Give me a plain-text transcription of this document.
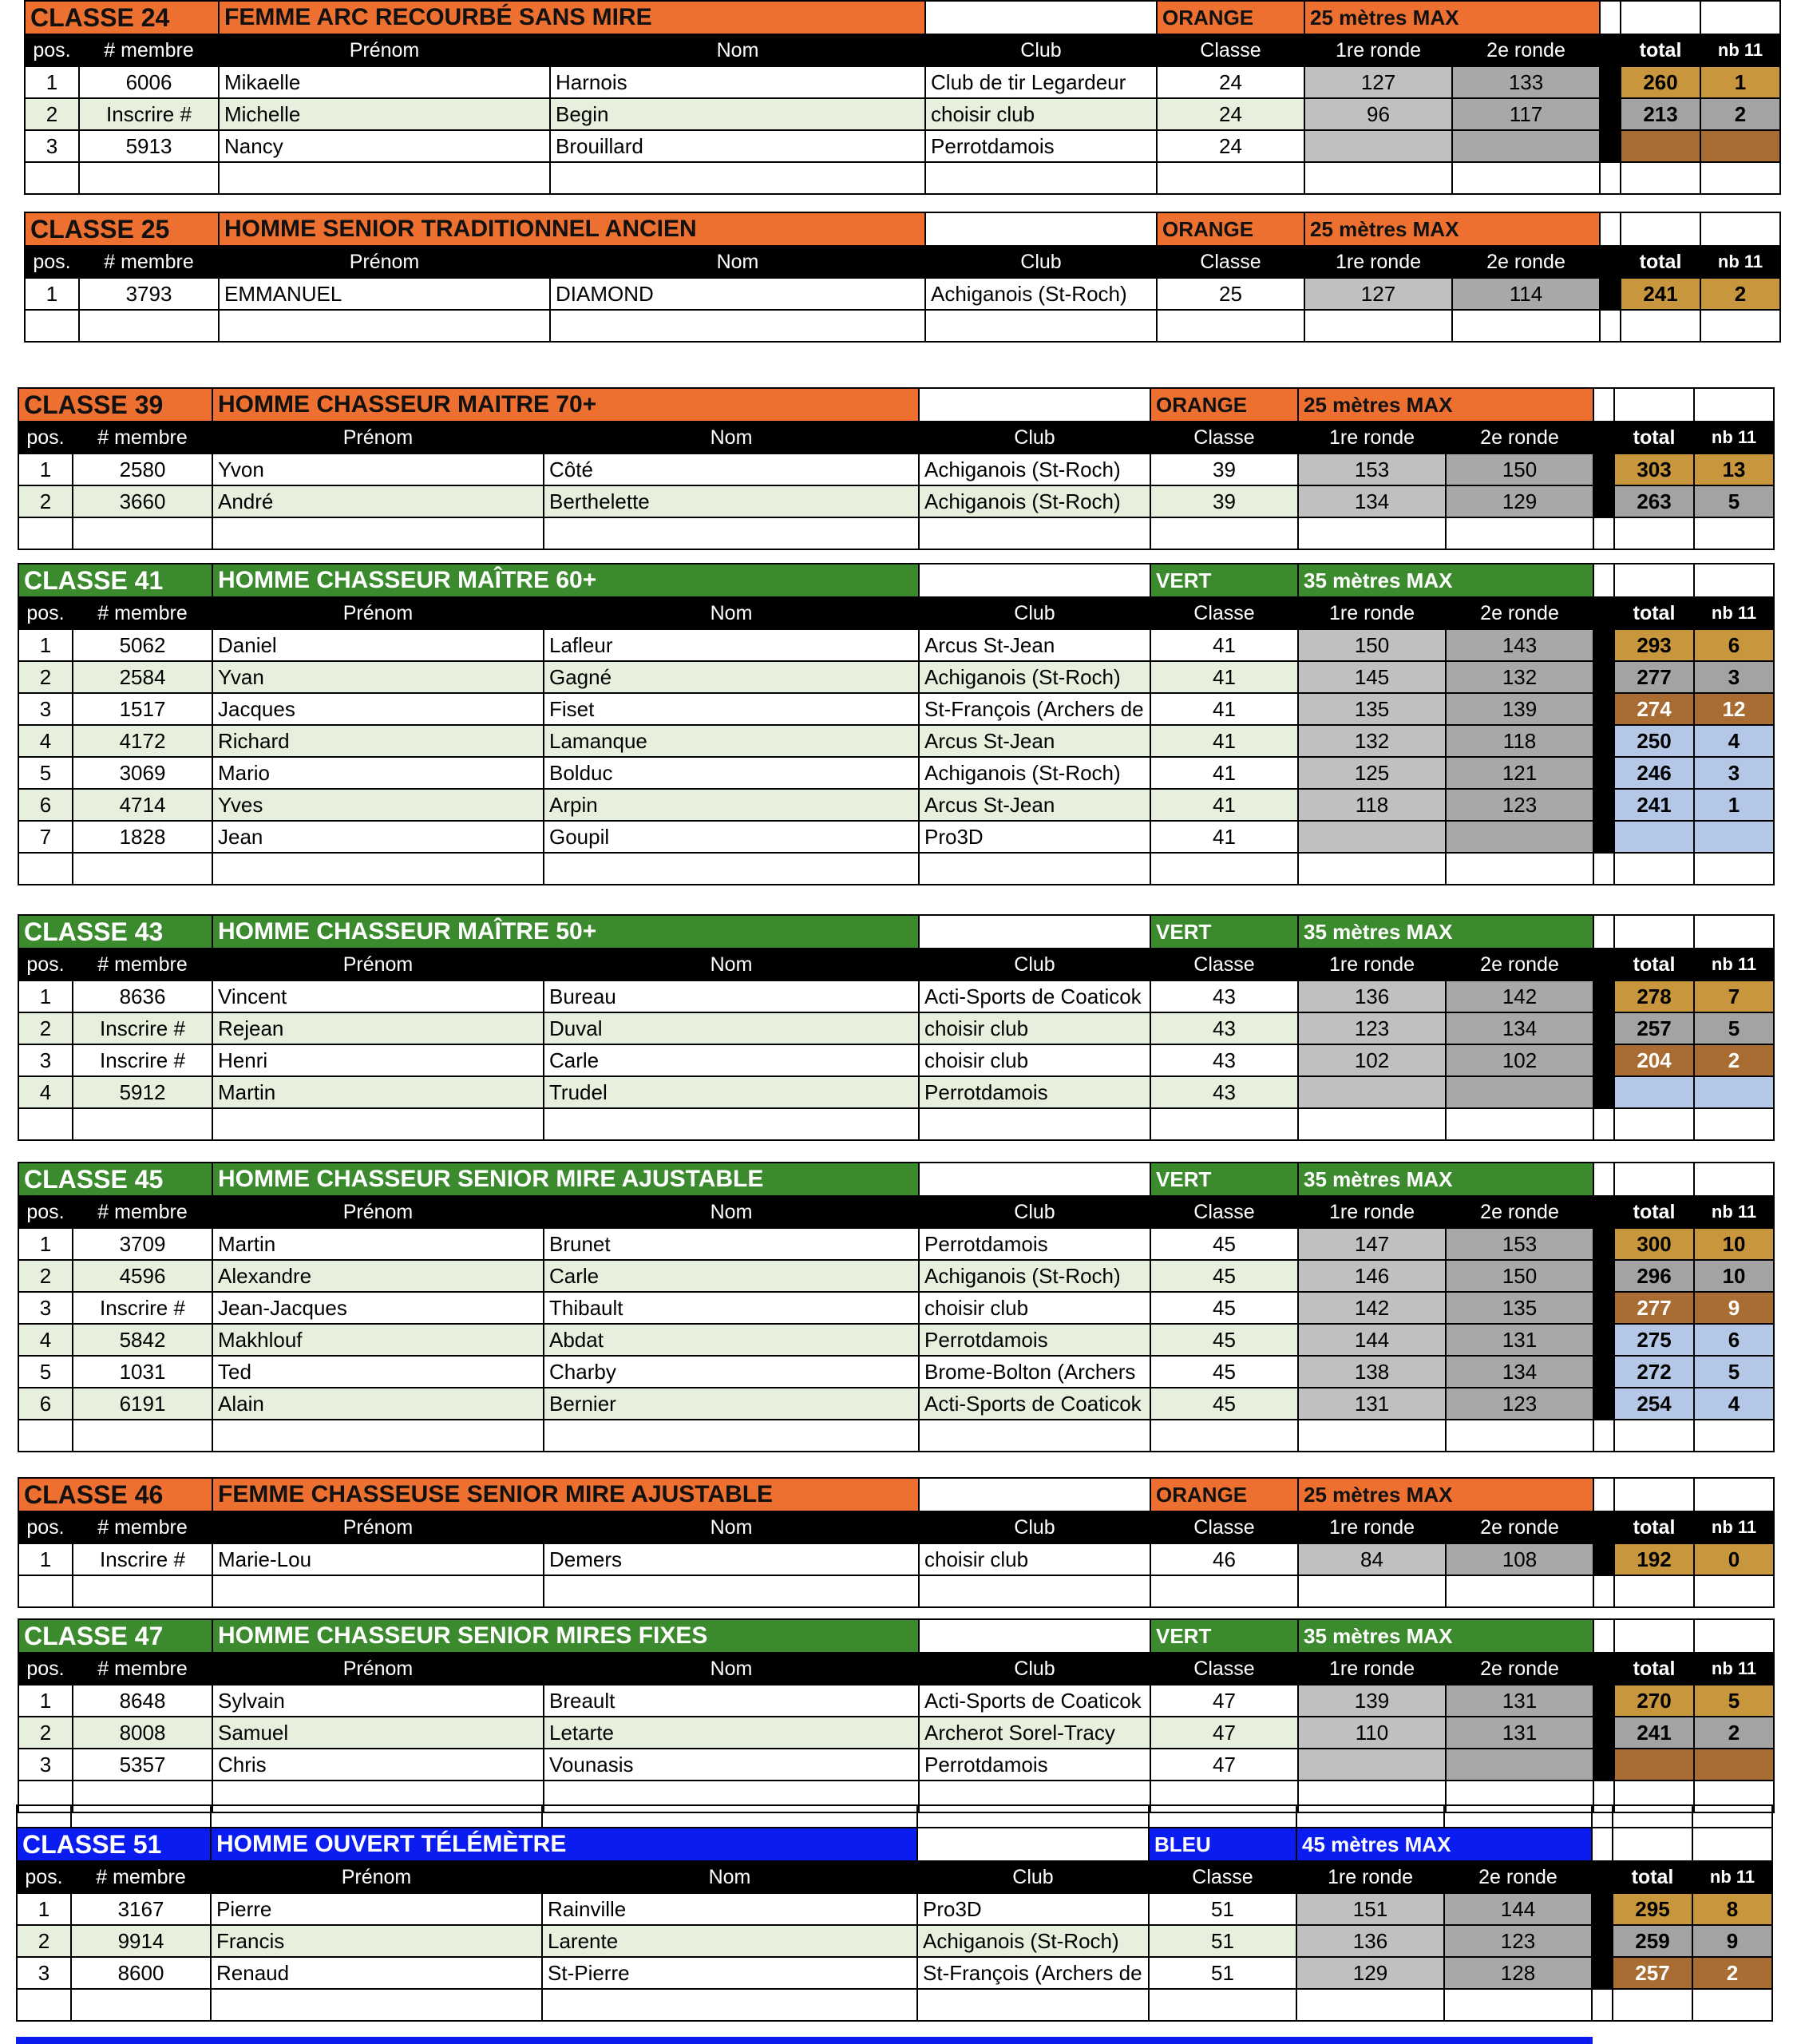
CLASSE 24		FEMME ARC RECOURBÉ SANS MIRE			ORANGE	25 mètres MAX				
pos.	# membre	Prénom	Nom	Club	Classe	1re ronde	2e ronde		total	nb 11
1	6006	Mikaelle	Harnois	Club de tir Legardeur	24	127	133		260	1
2	Inscrire #	Michelle	Begin	choisir club	24	96	117		213	2
3	5913	Nancy	Brouillard	Perrotdamois	24					

CLASSE 25		HOMME SENIOR TRADITIONNEL ANCIEN			ORANGE	25 mètres MAX				
pos.	# membre	Prénom	Nom	Club	Classe	1re ronde	2e ronde		total	nb 11
1	3793	EMMANUEL	DIAMOND	Achiganois (St-Roch)	25	127	114		241	2

CLASSE 39		HOMME CHASSEUR MAITRE 70+			ORANGE	25 mètres MAX				
pos.	# membre	Prénom	Nom	Club	Classe	1re ronde	2e ronde		total	nb 11
1	2580	Yvon	Côté	Achiganois (St-Roch)	39	153	150		303	13
2	3660	André	Berthelette	Achiganois (St-Roch)	39	134	129		263	5

CLASSE 41		HOMME CHASSEUR MAÎTRE 60+			VERT	35 mètres MAX				
pos.	# membre	Prénom	Nom	Club	Classe	1re ronde	2e ronde		total	nb 11
1	5062	Daniel	Lafleur	Arcus St-Jean	41	150	143		293	6
2	2584	Yvan	Gagné	Achiganois (St-Roch)	41	145	132		277	3
3	1517	Jacques	Fiset	St-François (Archers de	41	135	139		274	12
4	4172	Richard	Lamanque	Arcus St-Jean	41	132	118		250	4
5	3069	Mario	Bolduc	Achiganois (St-Roch)	41	125	121		246	3
6	4714	Yves	Arpin	Arcus St-Jean	41	118	123		241	1
7	1828	Jean	Goupil	Pro3D	41					

CLASSE 43		HOMME CHASSEUR MAÎTRE 50+			VERT	35 mètres MAX				
pos.	# membre	Prénom	Nom	Club	Classe	1re ronde	2e ronde		total	nb 11
1	8636	Vincent	Bureau	Acti-Sports de Coaticok	43	136	142		278	7
2	Inscrire #	Rejean	Duval	choisir club	43	123	134		257	5
3	Inscrire #	Henri	Carle	choisir club	43	102	102		204	2
4	5912	Martin	Trudel	Perrotdamois	43					

CLASSE 45		HOMME CHASSEUR SENIOR MIRE AJUSTABLE			VERT	35 mètres MAX				
pos.	# membre	Prénom	Nom	Club	Classe	1re ronde	2e ronde		total	nb 11
1	3709	Martin	Brunet	Perrotdamois	45	147	153		300	10
2	4596	Alexandre	Carle	Achiganois (St-Roch)	45	146	150		296	10
3	Inscrire #	Jean-Jacques	Thibault	choisir club	45	142	135		277	9
4	5842	Makhlouf	Abdat	Perrotdamois	45	144	131		275	6
5	1031	Ted	Charby	Brome-Bolton (Archers	45	138	134		272	5
6	6191	Alain	Bernier	Acti-Sports de Coaticok	45	131	123		254	4

CLASSE 46		FEMME CHASSEUSE SENIOR MIRE AJUSTABLE			ORANGE	25 mètres MAX				
pos.	# membre	Prénom	Nom	Club	Classe	1re ronde	2e ronde		total	nb 11
1	Inscrire #	Marie-Lou	Demers	choisir club	46	84	108		192	0

CLASSE 47		HOMME CHASSEUR SENIOR MIRES FIXES			VERT	35 mètres MAX				
pos.	# membre	Prénom	Nom	Club	Classe	1re ronde	2e ronde		total	nb 11
1	8648	Sylvain	Breault	Acti-Sports de Coaticok	47	139	131		270	5
2	8008	Samuel	Letarte	Archerot Sorel-Tracy	47	110	131		241	2
3	5357	Chris	Vounasis	Perrotdamois	47					

CLASSE 51		HOMME OUVERT TÉLÉMÈTRE			BLEU	45 mètres MAX				
pos.	# membre	Prénom	Nom	Club	Classe	1re ronde	2e ronde		total	nb 11
1	3167	Pierre	Rainville	Pro3D	51	151	144		295	8
2	9914	Francis	Larente	Achiganois (St-Roch)	51	136	123		259	9
3	8600	Renaud	St-Pierre	St-François (Archers de	51	129	128		257	2
